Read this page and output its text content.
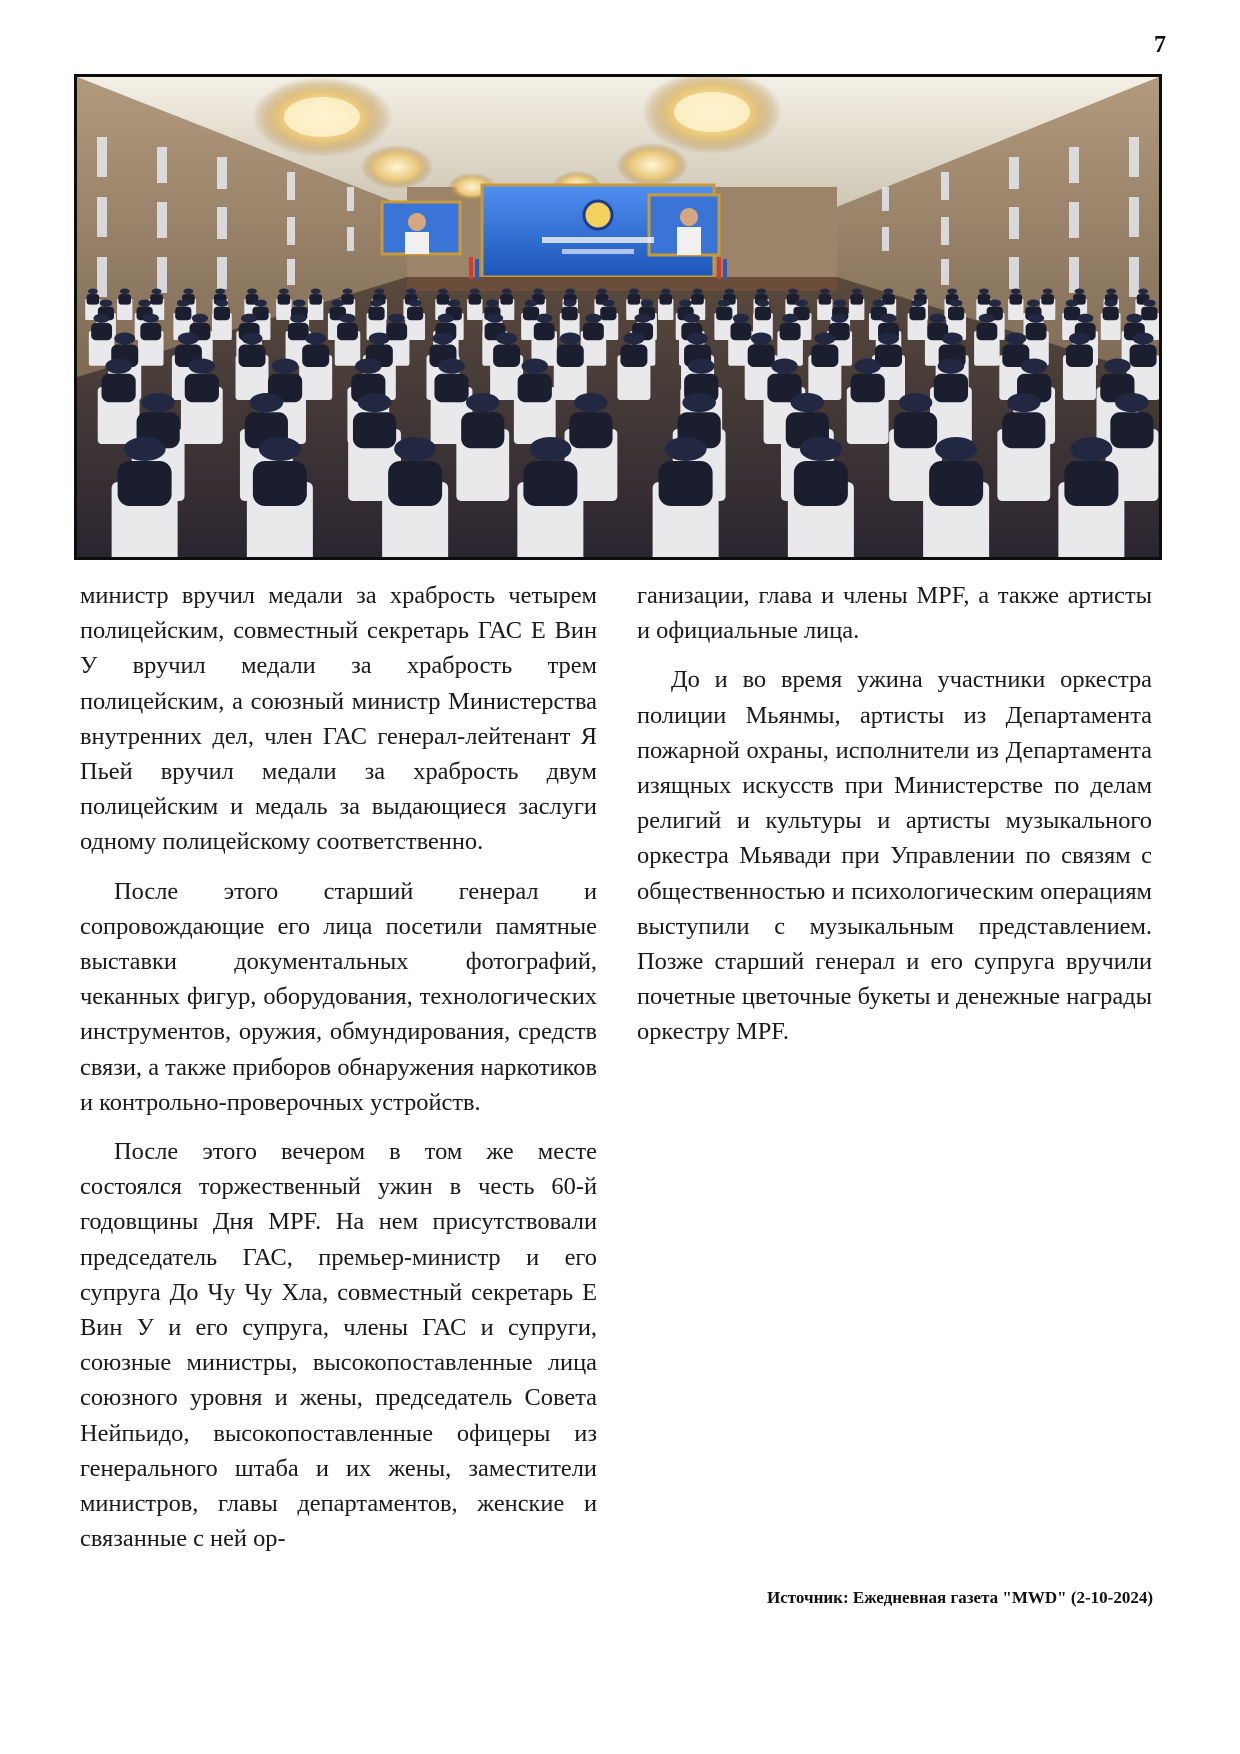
7

министр вручил медали за храбрость четырем полицейским, совместный секретарь ГАС Е Вин У вручил медали за храбрость трем полицейским, а союзный министр Министерства внутренних дел, член ГАС генерал-лейтенант Я Пьей вручил медали за храбрость двум полицейским и медаль за выдающиеся заслуги одному полицейскому соответственно.

После этого старший генерал и сопровождающие его лица посетили памятные выставки документальных фотографий, чеканных фигур, оборудования, технологических инструментов, оружия, обмундирования, средств связи, а также приборов обнаружения наркотиков и контрольно-проверочных устройств.

После этого вечером в том же месте состоялся торжественный ужин в честь 60-й годовщины Дня MPF. На нем присутствовали председатель ГАС, премьер-министр и его супруга До Чу Чу Хла, совместный секретарь Е Вин У и его супруга, члены ГАС и супруги, союзные министры, высокопоставленные лица союзного уровня и жены, председатель Совета Нейпьидо, высокопоставленные офицеры из генерального штаба и их жены, заместители министров, главы департаментов, женские и связанные с ней ор-

ганизации, глава и члены MPF, а также артисты и официальные лица.

До и во время ужина участники оркестра полиции Мьянмы, артисты из Департамента пожарной охраны, исполнители из Департамента изящных искусств при Министерстве по делам религий и культуры и артисты музыкального оркестра Мьявади при Управлении по связям с общественностью и психологическим операциям выступили с музыкальным представлением. Позже старший генерал и его супруга вручили почетные цветочные букеты и денежные награды оркестру MPF.

Источник: Ежедневная газета "MWD" (2-10-2024)
